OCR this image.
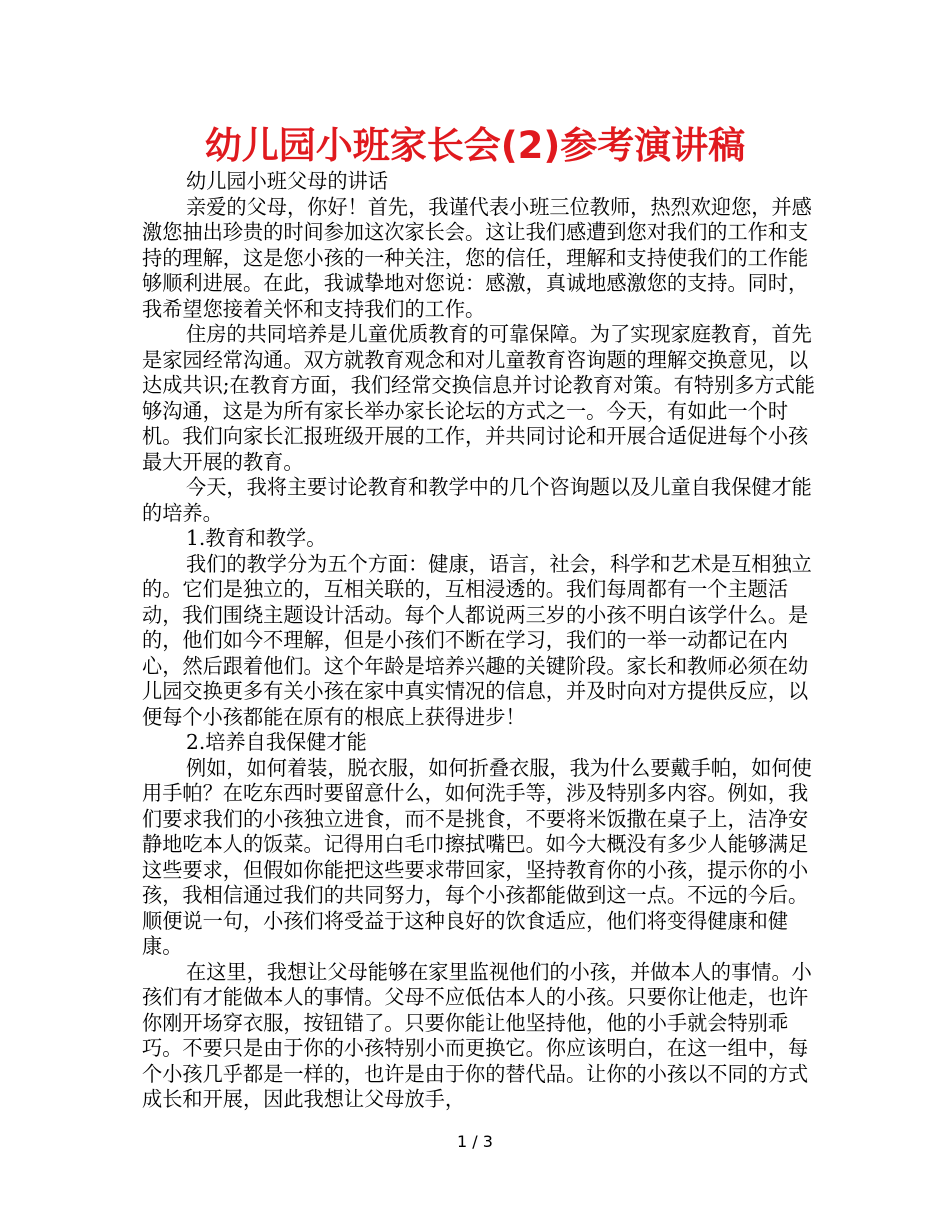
幼儿园小班家长会(2)参考演讲稿

幼儿园小班父母的讲话

亲爱的父母，你好！首先，我谨代表小班三位教师，热烈欢迎您，并感激您抽出珍贵的时间参加这次家长会。这让我们感遭到您对我们的工作和支持的理解，这是您小孩的一种关注，您的信任，理解和支持使我们的工作能够顺利进展。在此，我诚挚地对您说：感激，真诚地感激您的支持。同时，我希望您接着关怀和支持我们的工作。

住房的共同培养是儿童优质教育的可靠保障。为了实现家庭教育，首先是家园经常沟通。双方就教育观念和对儿童教育咨询题的理解交换意见，以达成共识;在教育方面，我们经常交换信息并讨论教育对策。有特别多方式能够沟通，这是为所有家长举办家长论坛的方式之一。今天，有如此一个时机。我们向家长汇报班级开展的工作，并共同讨论和开展合适促进每个小孩最大开展的教育。

今天，我将主要讨论教育和教学中的几个咨询题以及儿童自我保健才能的培养。

1.教育和教学。

我们的教学分为五个方面：健康，语言，社会，科学和艺术是互相独立的。它们是独立的，互相关联的，互相浸透的。我们每周都有一个主题活动，我们围绕主题设计活动。每个人都说两三岁的小孩不明白该学什么。是的，他们如今不理解，但是小孩们不断在学习，我们的一举一动都记在内心，然后跟着他们。这个年龄是培养兴趣的关键阶段。家长和教师必须在幼儿园交换更多有关小孩在家中真实情况的信息，并及时向对方提供反应，以便每个小孩都能在原有的根底上获得进步！

2.培养自我保健才能

例如，如何着装，脱衣服，如何折叠衣服，我为什么要戴手帕，如何使用手帕？在吃东西时要留意什么，如何洗手等，涉及特别多内容。例如，我们要求我们的小孩独立进食，而不是挑食，不要将米饭撒在桌子上，洁净安静地吃本人的饭菜。记得用白毛巾擦拭嘴巴。如今大概没有多少人能够满足这些要求，但假如你能把这些要求带回家，坚持教育你的小孩，提示你的小孩，我相信通过我们的共同努力，每个小孩都能做到这一点。不远的今后。顺便说一句，小孩们将受益于这种良好的饮食适应，他们将变得健康和健康。

在这里，我想让父母能够在家里监视他们的小孩，并做本人的事情。小孩们有才能做本人的事情。父母不应低估本人的小孩。只要你让他走，也许你刚开场穿衣服，按钮错了。只要你能让他坚持他，他的小手就会特别乖巧。不要只是由于你的小孩特别小而更换它。你应该明白，在这一组中，每个小孩几乎都是一样的，也许是由于你的替代品。让你的小孩以不同的方式成长和开展，因此我想让父母放手，

1 / 3
